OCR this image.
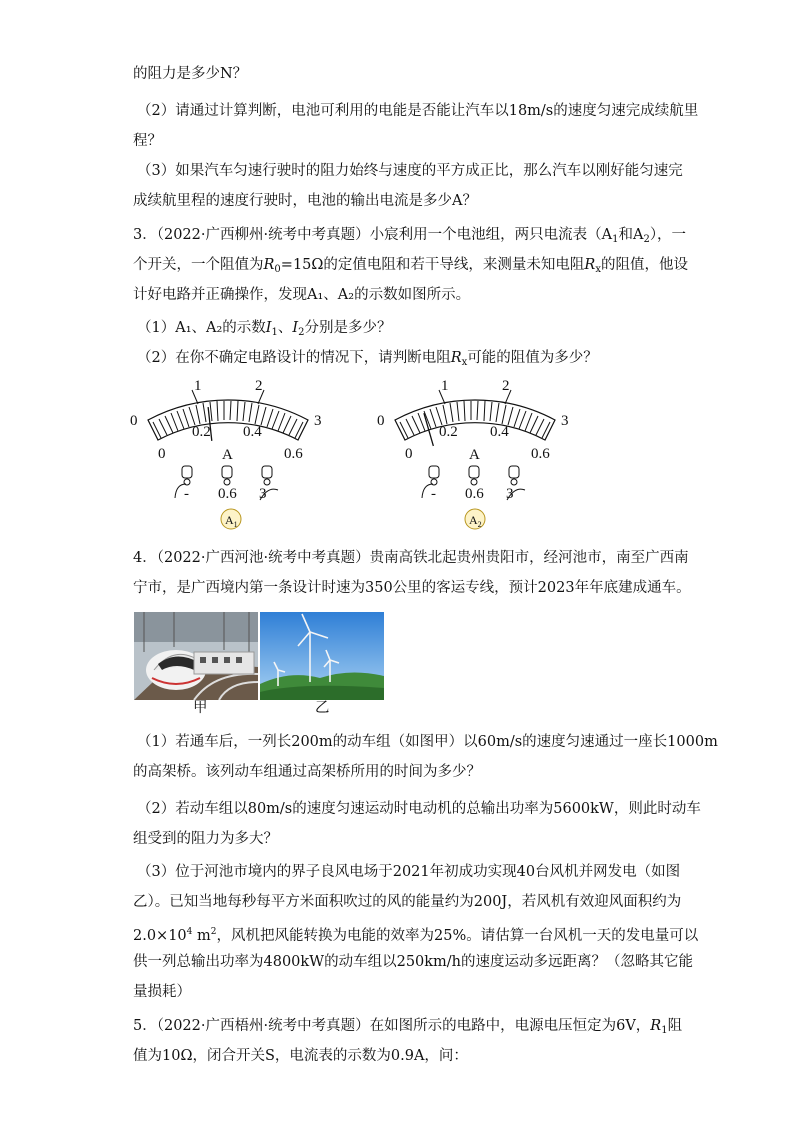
的阻力是多少N？
（2）请通过计算判断，电池可利用的电能是否能让汽车以18m/s的速度匀速完成续航里
程？
（3）如果汽车匀速行驶时的阻力始终与速度的平方成正比，那么汽车以刚好能匀速完
成续航里程的速度行驶时，电池的输出电流是多少A？
3．（2022·广西柳州·统考中考真题）小宸利用一个电池组，两只电流表（$A_1$和$A_2$），一
个开关，一个阻值为$R_0=15\Omega$的定值电阻和若干导线，来测量未知电阻$R_x$的阻值，他设
计好电路并正确操作，发现A₁、A₂的示数如图所示。
（1）A₁、A₂的示数$I_1$、$I_2$分别是多少？
（2）在你不确定电路设计的情况下，请判断电阻$R_x$可能的阻值为多少？
0
1	2
3
0.2 0.4
0	0.6
A
- 0.6 3
$A_1$
0
1	2
3
0.2 0.4
0	0.6
A
- 0.6 3
$A_2$
4．（2022·广西河池·统考中考真题）贵南高铁北起贵州贵阳市，经河池市，南至广西南
宁市，是广西境内第一条设计时速为350公里的客运专线，预计2023年年底建成通车。
甲	乙
（1）若通车后，一列长200m的动车组（如图甲）以60m/s的速度匀速通过一座长1000m
的高架桥。该列动车组通过高架桥所用的时间为多少？
（2）若动车组以80m/s的速度匀速运动时电动机的总输出功率为5600kW，则此时动车
组受到的阻力为多大？
（3）位于河池市境内的界子良风电场于2021年初成功实现40台风机并网发电（如图
乙）。已知当地每秒每平方米面积吹过的风的能量约为200J，若风机有效迎风面积约为
$2.0\times 10^4$ $m^2$，风机把风能转换为电能的效率为25%。请估算一台风机一天的发电量可以
供一列总输出功率为4800kW的动车组以250km/h的速度运动多远距离？（忽略其它能
量损耗）
5．（2022·广西梧州·统考中考真题）在如图所示的电路中，电源电压恒定为6V，$R_1$阻
值为10Ω，闭合开关S，电流表的示数为0.9A，问：
